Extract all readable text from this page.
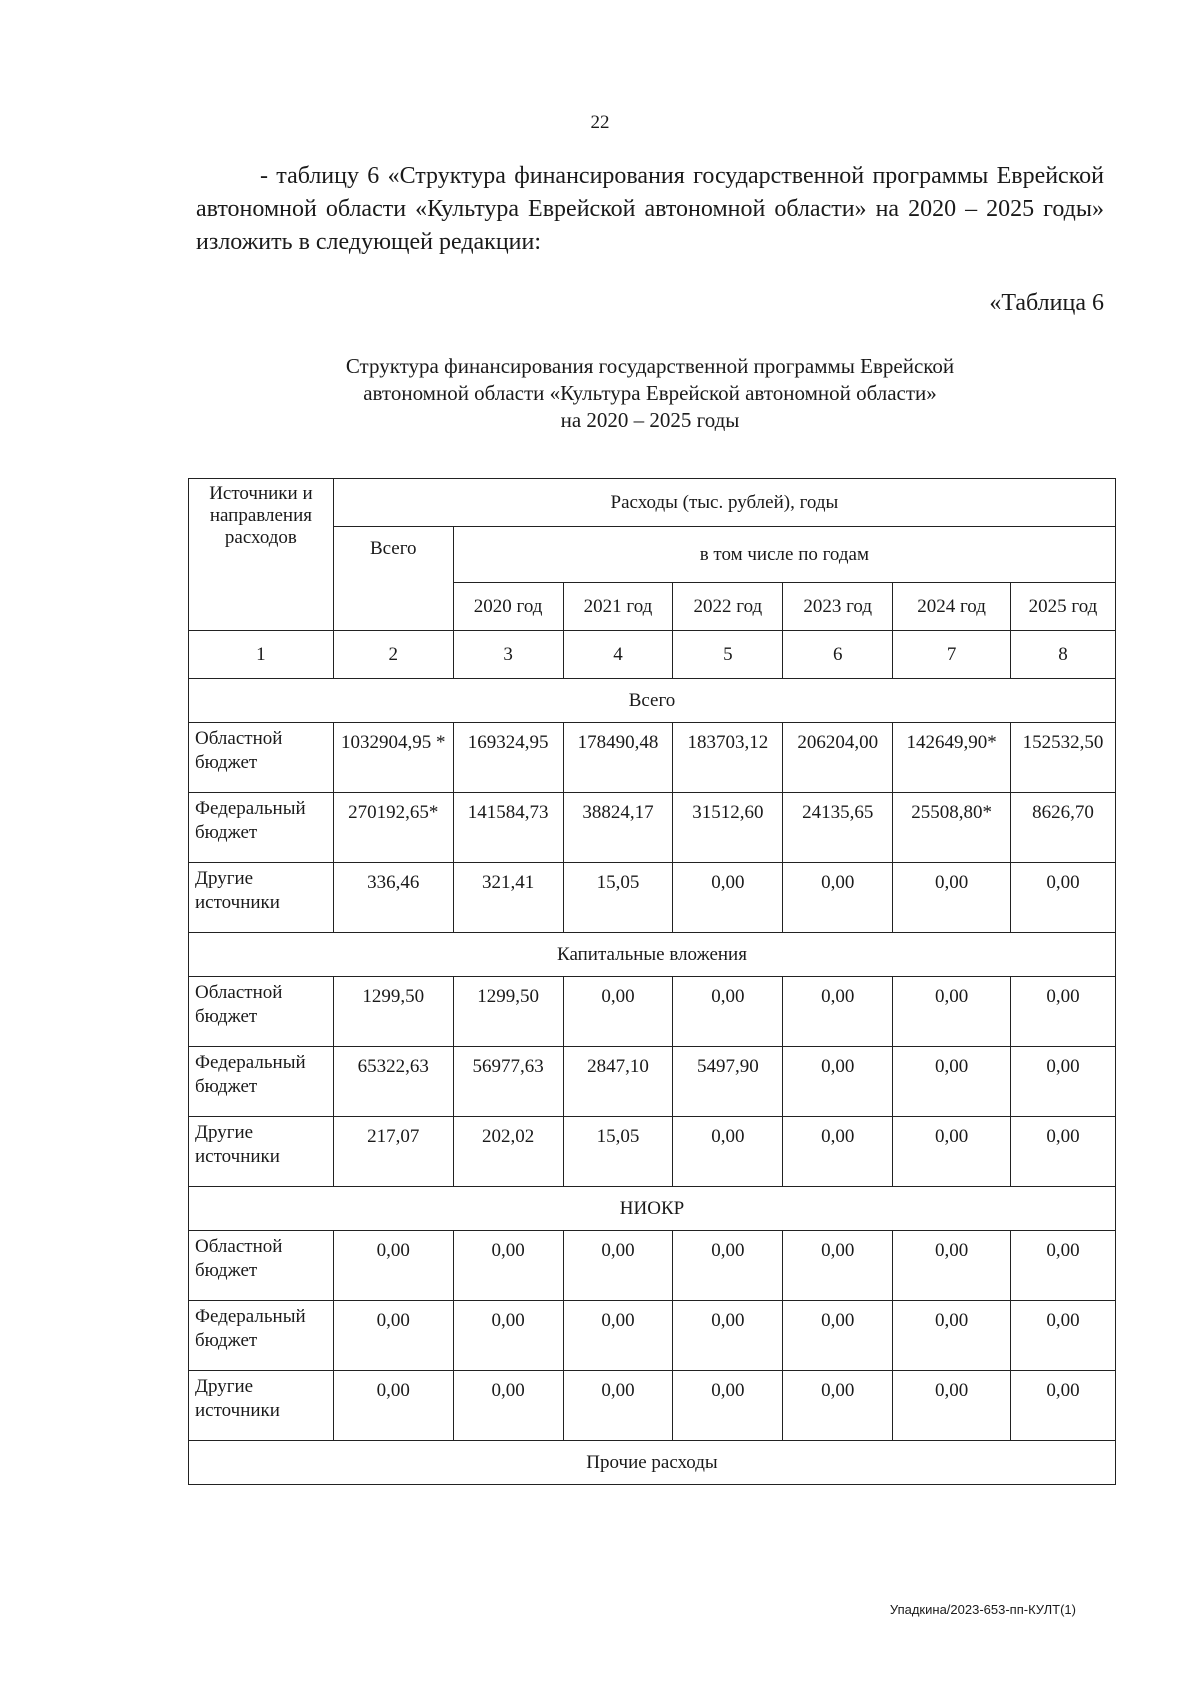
22

- таблицу 6 «Структура финансирования государственной программы Еврейской автономной области «Культура Еврейской автономной области» на 2020 – 2025 годы» изложить в следующей редакции:

«Таблица 6
Структура финансирования государственной программы Еврейской
автономной области «Культура Еврейской автономной области»
на 2020 – 2025 годы
Источники и направления расходов	Расходы (тыс. рублей), годы						
	Всего	в том числе по годам					
		2020 год	2021 год	2022 год	2023 год	2024 год	2025 год
1	2	3	4	5	6	7	8
Всего							
Областной бюджет	1032904,95 *	169324,95	178490,48	183703,12	206204,00	142649,90*	152532,50
Федеральный бюджет	270192,65*	141584,73	38824,17	31512,60	24135,65	25508,80*	8626,70
Другие источники	336,46	321,41	15,05	0,00	0,00	0,00	0,00
Капитальные вложения							
Областной бюджет	1299,50	1299,50	0,00	0,00	0,00	0,00	0,00
Федеральный бюджет	65322,63	56977,63	2847,10	5497,90	0,00	0,00	0,00
Другие источники	217,07	202,02	15,05	0,00	0,00	0,00	0,00
НИОКР							
Областной бюджет	0,00	0,00	0,00	0,00	0,00	0,00	0,00
Федеральный бюджет	0,00	0,00	0,00	0,00	0,00	0,00	0,00
Другие источники	0,00	0,00	0,00	0,00	0,00	0,00	0,00
Прочие расходы							
Упадкина/2023-653-пп-КУЛТ(1)
